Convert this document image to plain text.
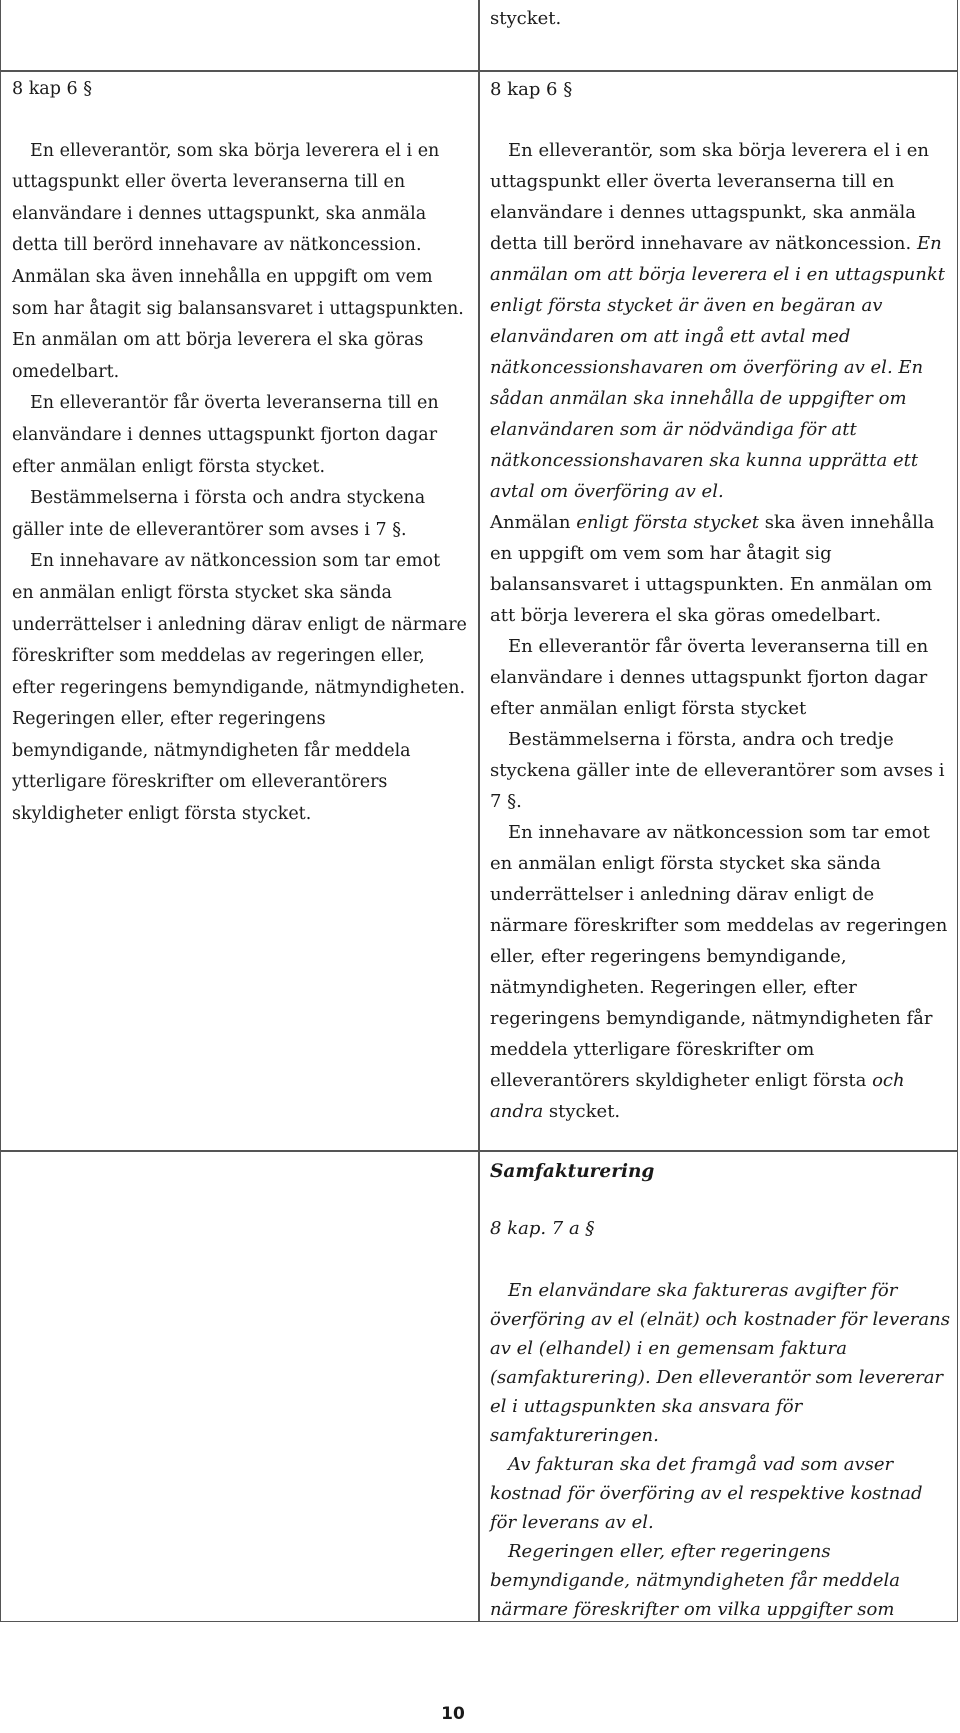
stycket.

8 kap 6 §

En elleverantör, som ska börja leverera el i en uttagspunkt eller överta leveranserna till en elanvändare i dennes uttagspunkt, ska anmäla detta till berörd innehavare av nätkoncession. Anmälan ska även innehålla en uppgift om vem som har åtagit sig balansansvaret i uttagspunkten. En anmälan om att börja leverera el ska göras omedelbart.

En elleverantör får överta leveranserna till en elanvändare i dennes uttagspunkt fjorton dagar efter anmälan enligt första stycket.

Bestämmelserna i första och andra styckena gäller inte de elleverantörer som avses i 7 §.

En innehavare av nätkoncession som tar emot en anmälan enligt första stycket ska sända underrättelser i anledning därav enligt de närmare föreskrifter som meddelas av regeringen eller, efter regeringens bemyndigande, nätmyndigheten. Regeringen eller, efter regeringens bemyndigande, nätmyndigheten får meddela ytterligare föreskrifter om elleverantörers skyldigheter enligt första stycket.

8 kap 6 §

En elleverantör, som ska börja leverera el i en uttagspunkt eller överta leveranserna till en elanvändare i dennes uttagspunkt, ska anmäla detta till berörd innehavare av nätkoncession. En anmälan om att börja leverera el i en uttagspunkt enligt första stycket är även en begäran av elanvändaren om att ingå ett avtal med nätkoncessionshavaren om överföring av el. En sådan anmälan ska innehålla de uppgifter om elanvändaren som är nödvändiga för att nätkoncessionshavaren ska kunna upprätta ett avtal om överföring av el.

Anmälan enligt första stycket ska även innehålla en uppgift om vem som har åtagit sig balansansvaret i uttagspunkten. En anmälan om att börja leverera el ska göras omedelbart.

En elleverantör får överta leveranserna till en elanvändare i dennes uttagspunkt fjorton dagar efter anmälan enligt första stycket

Bestämmelserna i första, andra och tredje styckena gäller inte de elleverantörer som avses i 7 §.

En innehavare av nätkoncession som tar emot en anmälan enligt första stycket ska sända underrättelser i anledning därav enligt de närmare föreskrifter som meddelas av regeringen eller, efter regeringens bemyndigande, nätmyndigheten. Regeringen eller, efter regeringens bemyndigande, nätmyndigheten får meddela ytterligare föreskrifter om elleverantörers skyldigheter enligt första och andra stycket.

Samfakturering

8 kap. 7 a §

En elanvändare ska faktureras avgifter för överföring av el (elnät) och kostnader för leverans av el (elhandel) i en gemensam faktura (samfakturering). Den elleverantör som levererar el i uttagspunkten ska ansvara för samfaktureringen.

Av fakturan ska det framgå vad som avser kostnad för överföring av el respektive kostnad för leverans av el.

Regeringen eller, efter regeringens bemyndigande, nätmyndigheten får meddela närmare föreskrifter om vilka uppgifter som

10
